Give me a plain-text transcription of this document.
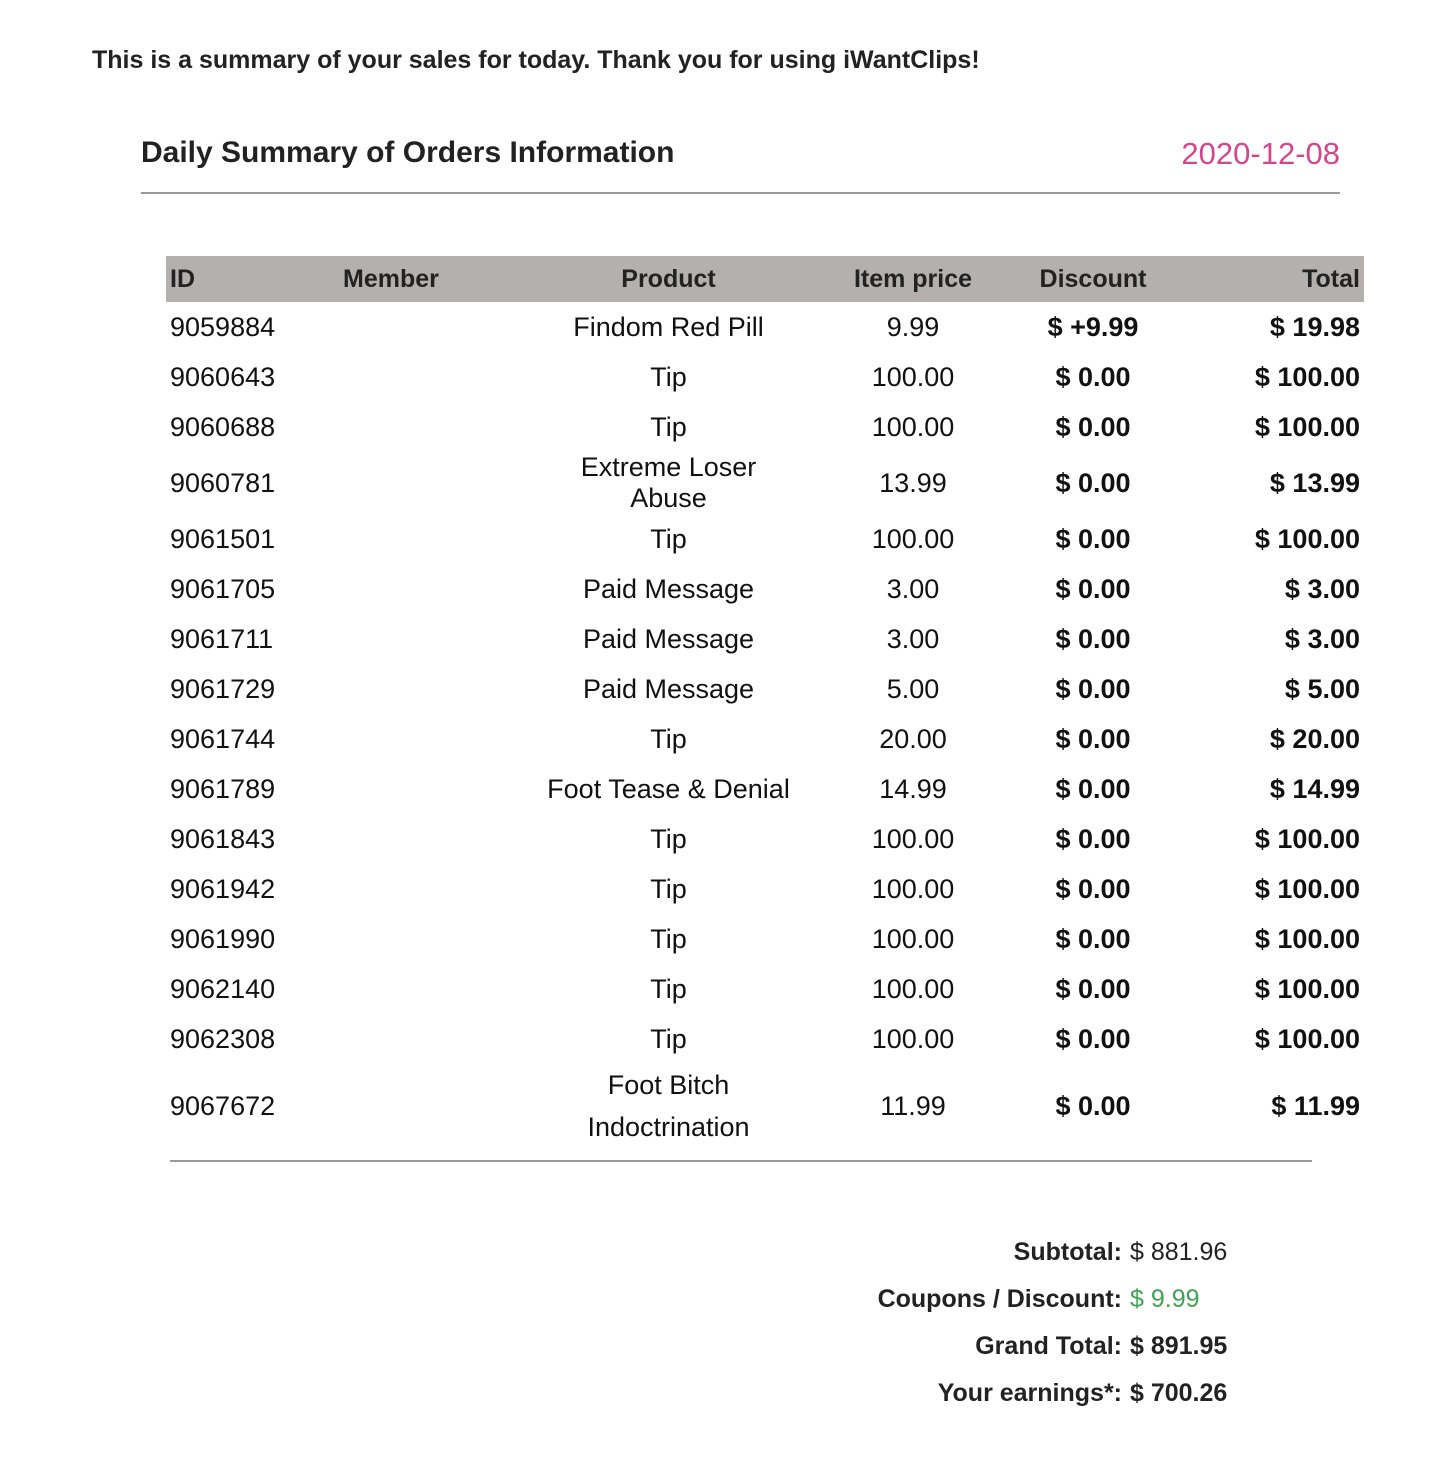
This is a summary of your sales for today. Thank you for using iWantClips!
Daily Summary of Orders Information	2020-12-08
ID	Member	Product	Item price	Discount	Total
9059884		Findom Red Pill	9.99	$ +9.99	$ 19.98
9060643		Tip	100.00	$ 0.00	$ 100.00
9060688		Tip	100.00	$ 0.00	$ 100.00
9060781		Extreme Loser Abuse	13.99	$ 0.00	$ 13.99
9061501		Tip	100.00	$ 0.00	$ 100.00
9061705		Paid Message	3.00	$ 0.00	$ 3.00
9061711		Paid Message	3.00	$ 0.00	$ 3.00
9061729		Paid Message	5.00	$ 0.00	$ 5.00
9061744		Tip	20.00	$ 0.00	$ 20.00
9061789		Foot Tease & Denial	14.99	$ 0.00	$ 14.99
9061843		Tip	100.00	$ 0.00	$ 100.00
9061942		Tip	100.00	$ 0.00	$ 100.00
9061990		Tip	100.00	$ 0.00	$ 100.00
9062140		Tip	100.00	$ 0.00	$ 100.00
9062308		Tip	100.00	$ 0.00	$ 100.00
9067672		Foot Bitch Indoctrination	11.99	$ 0.00	$ 11.99
Subtotal: $ 881.96
Coupons / Discount: $ 9.99
Grand Total: $ 891.95
Your earnings*: $ 700.26
